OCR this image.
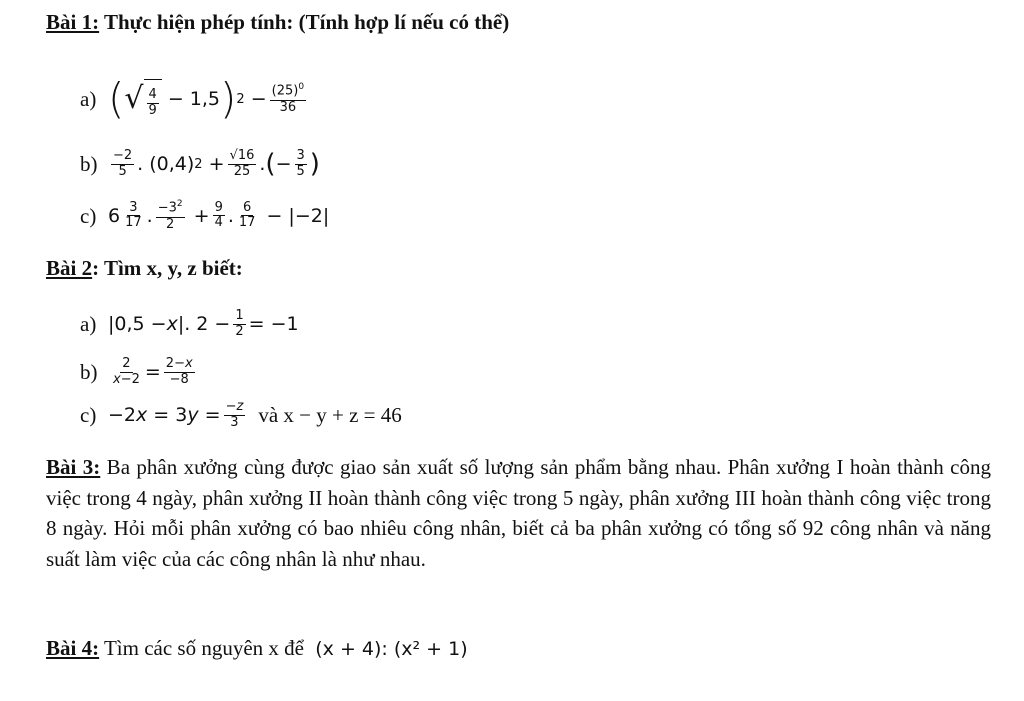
Bài 1: Thực hiện phép tính: (Tính hợp lí nếu có thể)
a) ( √ $\frac{4}{9} - 1,5$ ) $2 - \frac{(25)^0}{36}$
b)	$\frac{-2}{5}$ . (0,4) $2 + \frac{√16}{25}$ . ( − $\frac{3}{5}$ )
c) $6 \frac{3}{17}$ . $\frac{-3^2}{2} + \frac{9}{4}$ . $\frac{6}{17} - |-2|$
Bài 2: Tìm x, y, z biết:
a) |0,5 − x |. $2 - \frac{1}{2} = -1$
b)	$\frac{2}{x-2} = \frac{2-x}{-8}$
c) −2 x = 3 $y = \frac{-z}{3}$ và x − y + z = 46
Bài 3: Ba phân xưởng cùng được giao sản xuất số lượng sản phẩm bằng nhau. Phân xưởng I hoàn thành công việc trong 4 ngày, phân xưởng II hoàn thành công việc trong 5 ngày, phân xưởng III hoàn thành công việc trong 8 ngày. Hỏi mỗi phân xưởng có bao nhiêu công nhân, biết cả ba phân xưởng có tổng số 92 công nhân và năng suất làm việc của các công nhân là như nhau.
Bài 4: Tìm các số nguyên x để (x + 4): (x² + 1)
